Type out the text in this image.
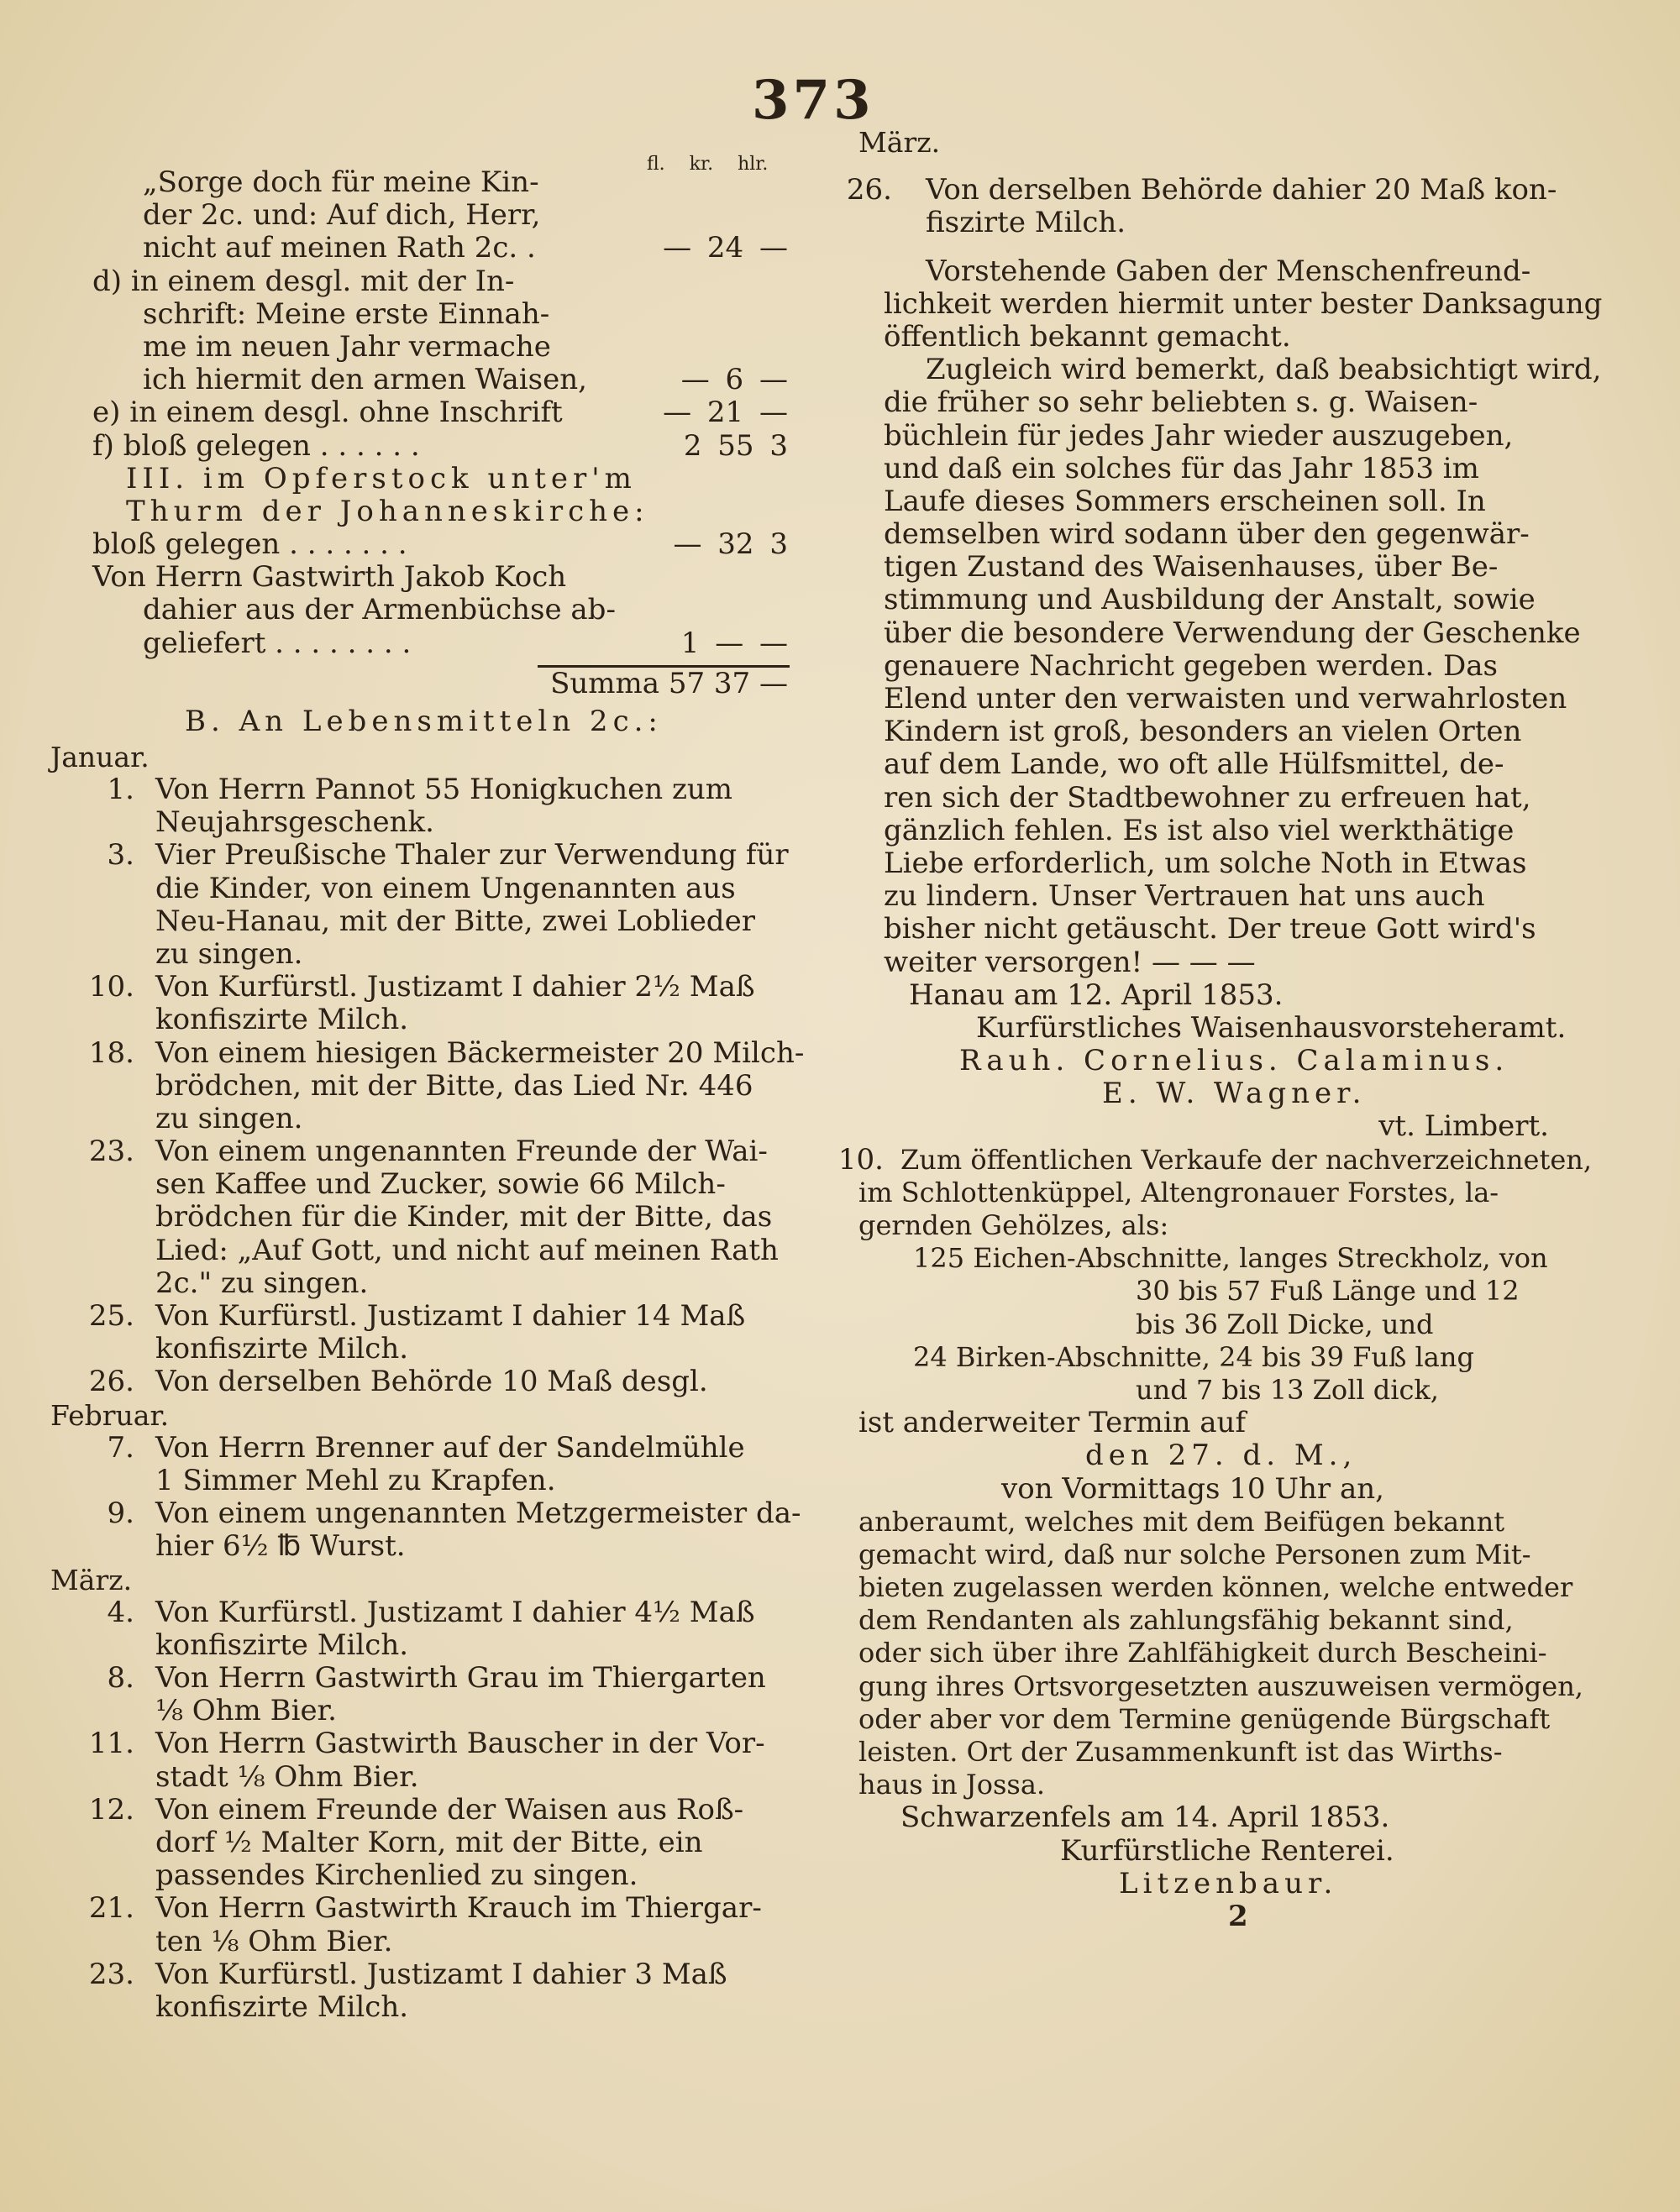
373
fl. kr. hlr.
„Sorge doch für meine Kin-
der 2c. und: Auf dich, Herr,
nicht auf meinen Rath 2c. .	— 24 —
d) in einem desgl. mit der In-
schrift: Meine erste Einnah-
me im neuen Jahr vermache
ich hiermit den armen Waisen,	— 6 —
e) in einem desgl. ohne Inschrift	— 21 —
f) bloß gelegen . . . . . .	2 55 3
III. im Opferstock unter'm
Thurm der Johanneskirche:
bloß gelegen . . . . . . .	— 32 3
Von Herrn Gastwirth Jakob Koch
dahier aus der Armenbüchse ab-
geliefert . . . . . . . .	1 — —
Summa 57 37 —
B. An Lebensmitteln 2c.:
Januar.
1. Von Herrn Pannot 55 Honigkuchen zum
Neujahrsgeschenk.
3. Vier Preußische Thaler zur Verwendung für
die Kinder, von einem Ungenannten aus
Neu-Hanau, mit der Bitte, zwei Loblieder
zu singen.
10. Von Kurfürstl. Justizamt I dahier 2½ Maß
konfiszirte Milch.
18. Von einem hiesigen Bäckermeister 20 Milch-
brödchen, mit der Bitte, das Lied Nr. 446
zu singen.
23. Von einem ungenannten Freunde der Wai-
sen Kaffee und Zucker, sowie 66 Milch-
brödchen für die Kinder, mit der Bitte, das
Lied: „Auf Gott, und nicht auf meinen Rath
2c." zu singen.
25. Von Kurfürstl. Justizamt I dahier 14 Maß
konfiszirte Milch.
26. Von derselben Behörde 10 Maß desgl.
Februar.
7. Von Herrn Brenner auf der Sandelmühle
1 Simmer Mehl zu Krapfen.
9. Von einem ungenannten Metzgermeister da-
hier 6½ ℔ Wurst.
März.
4. Von Kurfürstl. Justizamt I dahier 4½ Maß
konfiszirte Milch.
8. Von Herrn Gastwirth Grau im Thiergarten
⅛ Ohm Bier.
11. Von Herrn Gastwirth Bauscher in der Vor-
stadt ⅛ Ohm Bier.
12. Von einem Freunde der Waisen aus Roß-
dorf ½ Malter Korn, mit der Bitte, ein
passendes Kirchenlied zu singen.
21. Von Herrn Gastwirth Krauch im Thiergar-
ten ⅛ Ohm Bier.
23. Von Kurfürstl. Justizamt I dahier 3 Maß
konfiszirte Milch.
März.
26. Von derselben Behörde dahier 20 Maß kon-
fiszirte Milch.
Vorstehende Gaben der Menschenfreund-
lichkeit werden hiermit unter bester Danksagung
öffentlich bekannt gemacht.
Zugleich wird bemerkt, daß beabsichtigt wird,
die früher so sehr beliebten s. g. Waisen-
büchlein für jedes Jahr wieder auszugeben,
und daß ein solches für das Jahr 1853 im
Laufe dieses Sommers erscheinen soll. In
demselben wird sodann über den gegenwär-
tigen Zustand des Waisenhauses, über Be-
stimmung und Ausbildung der Anstalt, sowie
über die besondere Verwendung der Geschenke
genauere Nachricht gegeben werden. Das
Elend unter den verwaisten und verwahrlosten
Kindern ist groß, besonders an vielen Orten
auf dem Lande, wo oft alle Hülfsmittel, de-
ren sich der Stadtbewohner zu erfreuen hat,
gänzlich fehlen. Es ist also viel werkthätige
Liebe erforderlich, um solche Noth in Etwas
zu lindern. Unser Vertrauen hat uns auch
bisher nicht getäuscht. Der treue Gott wird's
weiter versorgen! — — —
Hanau am 12. April 1853.
Kurfürstliches Waisenhausvorsteheramt.
Rauh. Cornelius. Calaminus.
E. W. Wagner.
vt. Limbert.
10. Zum öffentlichen Verkaufe der nachverzeichneten,
im Schlottenküppel, Altengronauer Forstes, la-
gernden Gehölzes, als:
125 Eichen-Abschnitte, langes Streckholz, von
30 bis 57 Fuß Länge und 12
bis 36 Zoll Dicke, und
24 Birken-Abschnitte, 24 bis 39 Fuß lang
und 7 bis 13 Zoll dick,
ist anderweiter Termin auf
den 27. d. M.,
von Vormittags 10 Uhr an,
anberaumt, welches mit dem Beifügen bekannt
gemacht wird, daß nur solche Personen zum Mit-
bieten zugelassen werden können, welche entweder
dem Rendanten als zahlungsfähig bekannt sind,
oder sich über ihre Zahlfähigkeit durch Bescheini-
gung ihres Ortsvorgesetzten auszuweisen vermögen,
oder aber vor dem Termine genügende Bürgschaft
leisten. Ort der Zusammenkunft ist das Wirths-
haus in Jossa.
Schwarzenfels am 14. April 1853.
Kurfürstliche Renterei.
Litzenbaur.
2
